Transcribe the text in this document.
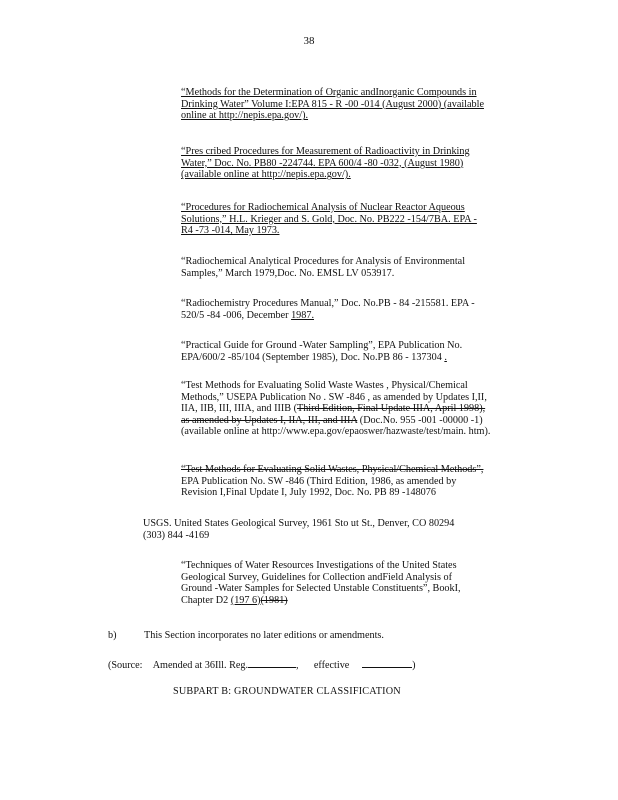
38
“Methods for the Determination of Organic andInorganic Compounds in
Drinking Water” Volume I:EPA 815 - R -00 -014 (August 2000) (available
online at http://nepis.epa.gov/).
“Pres cribed Procedures for Measurement of Radioactivity in Drinking
Water,” Doc. No. PB80 -224744. EPA 600/4 -80 -032, (August 1980)
(available online at http://nepis.epa.gov/).
“Procedures for Radiochemical Analysis of Nuclear Reactor Aqueous
Solutions,” H.L. Krieger and S. Gold, Doc. No. PB222 -154/7BA. EPA -
R4 -73 -014, May 1973.
“Radiochemical Analytical Procedures for Analysis of Environmental
Samples,” March 1979,Doc. No. EMSL LV 053917.
“Radiochemistry Procedures Manual,” Doc. No.PB - 84 -215581. EPA -
520/5 -84 -006, December 1987.
“Practical Guide for Ground -Water Sampling”, EPA Publication No.
EPA/600/2 -85/104 (September 1985), Doc. No.PB 86 - 137304 .
“Test Methods for Evaluating Solid Waste Wastes , Physical/Chemical
Methods,” USEPA Publication No . SW -846 , as amended by Updates I,II,
IIA, IIB, III, IIIA, and IIIB (Third Edition, Final Update IIIA, April 1998),
as amended by Updates I, IIA, III, and IIIA (Doc.No. 955 -001 -00000 -1)
(available online at http://www.epa.gov/epaoswer/hazwaste/test/main. htm).
“Test Methods for Evaluating Solid Wastes, Physical/Chemical Methods”,
EPA Publication No. SW -846 (Third Edition, 1986, as amended by
Revision I,Final Update I, July 1992, Doc. No. PB 89 -148076
USGS. United States Geological Survey, 1961 Sto ut St., Denver, CO 80294
(303) 844 -4169
“Techniques of Water Resources Investigations of the United States
Geological Survey, Guidelines for Collection andField Analysis of
Ground -Water Samples for Selected Unstable Constituents”, BookI,
Chapter D2 (197 6)(1981)
b)	This Section incorporates no later editions or amendments.
(Source: Amended at 36Ill. Reg.	,      effective	)
SUBPART B: GROUNDWATER CLASSIFICATION
